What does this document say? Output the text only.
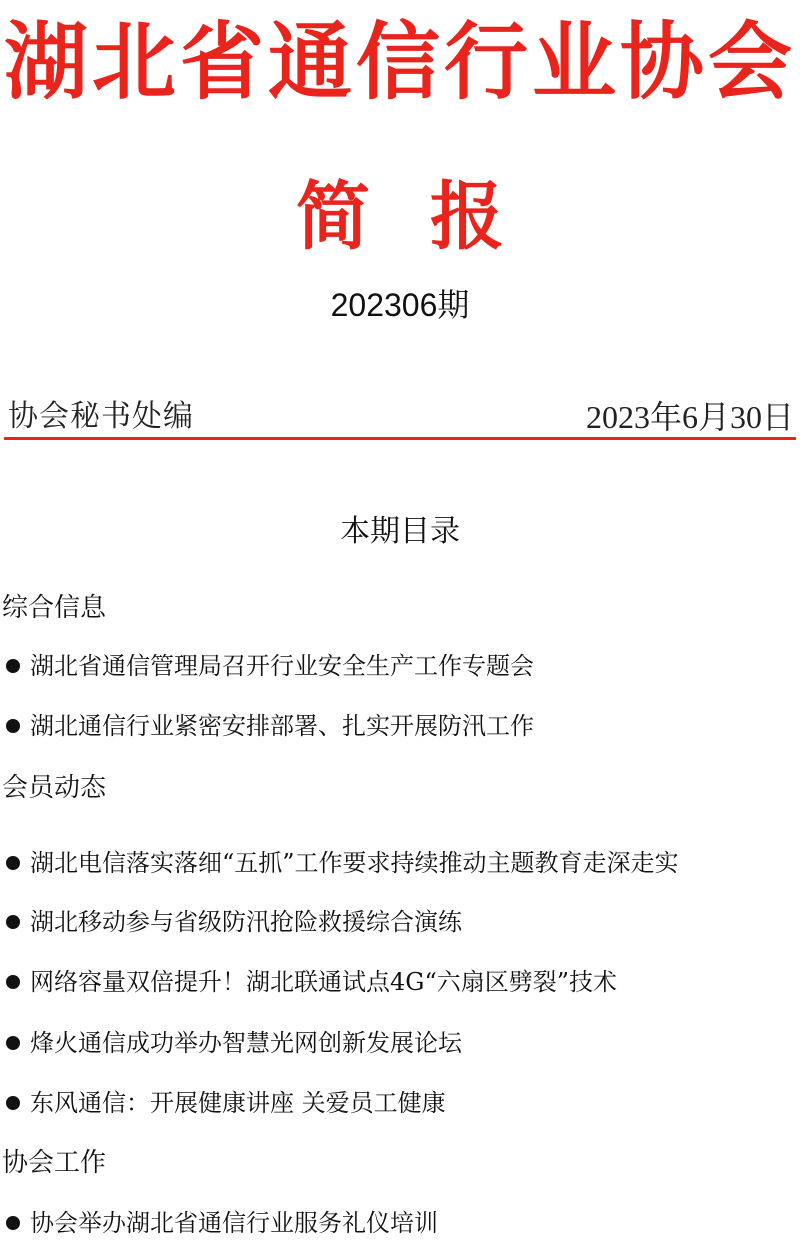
湖北省通信行业协会
简报
202306期
协会秘书处编	2023年6月30日
本期目录
综合信息
湖北省通信管理局召开行业安全生产工作专题会
湖北通信行业紧密安排部署、扎实开展防汛工作
会员动态
湖北电信落实落细“五抓”工作要求持续推动主题教育走深走实
湖北移动参与省级防汛抢险救援综合演练
网络容量双倍提升！湖北联通试点4G“六扇区劈裂”技术
烽火通信成功举办智慧光网创新发展论坛
东风通信：开展健康讲座 关爱员工健康
协会工作
协会举办湖北省通信行业服务礼仪培训
